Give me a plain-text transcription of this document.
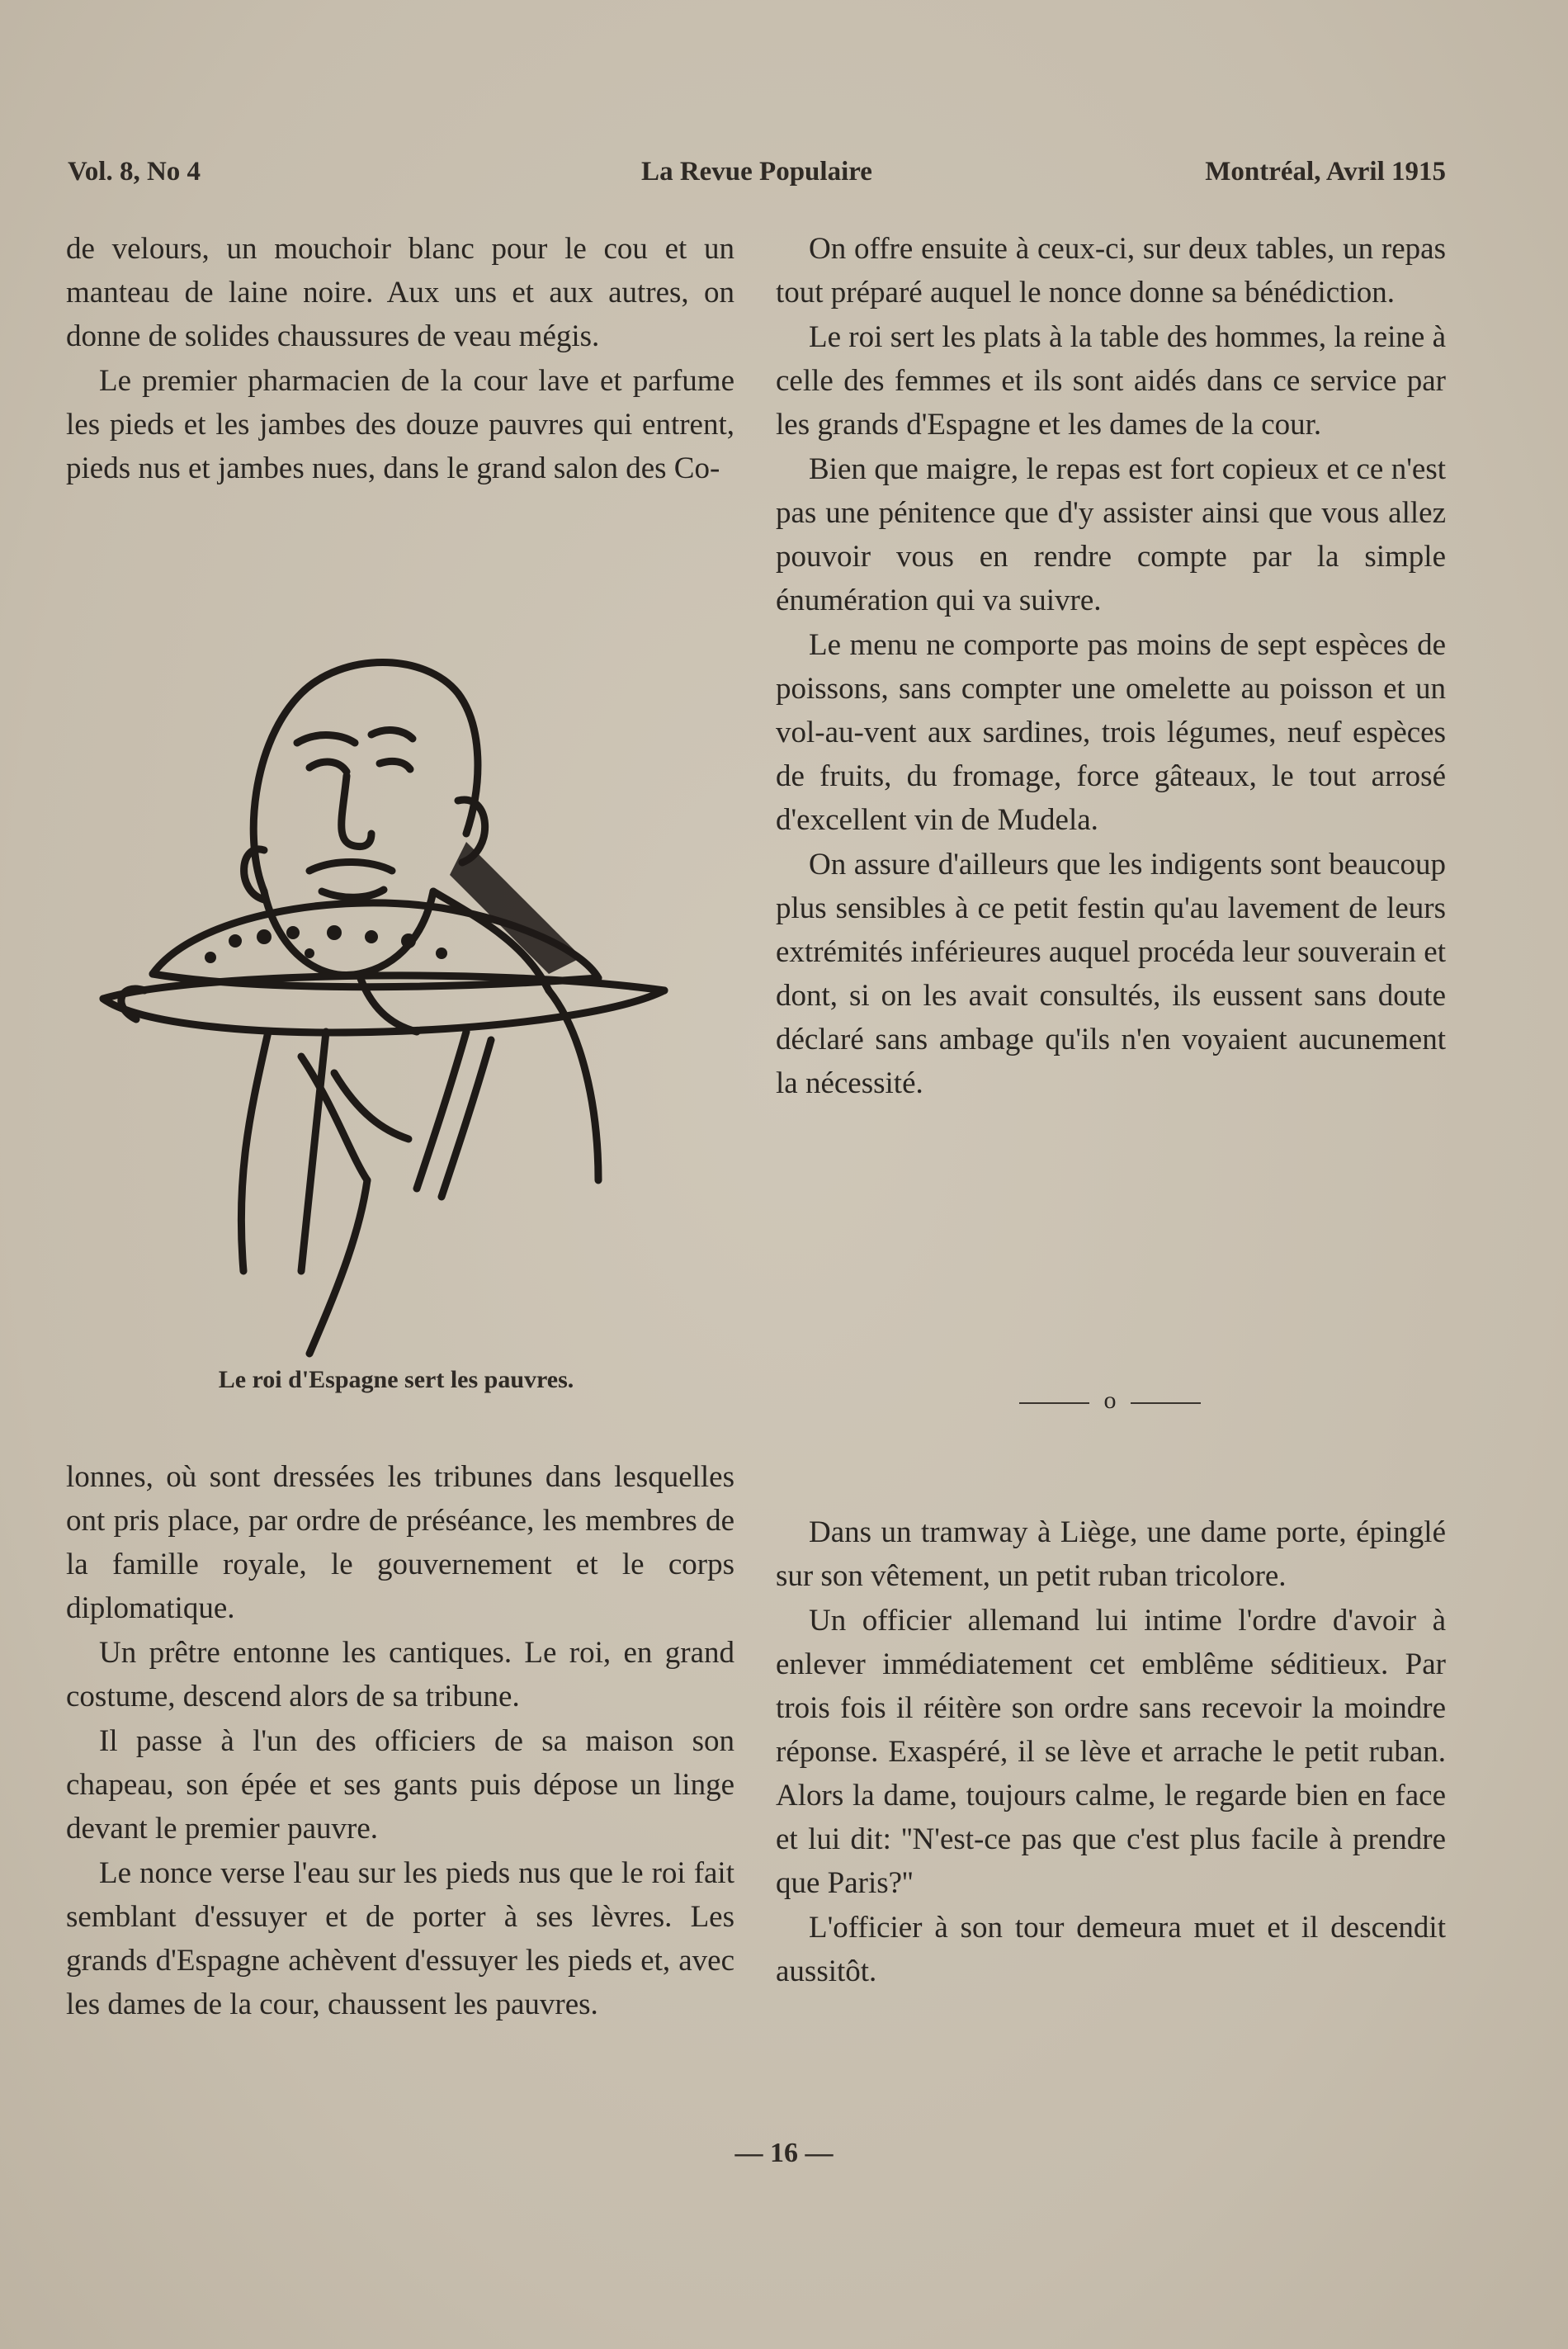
Vol. 8, No 4	La Revue Populaire	Montréal, Avril 1915

de velours, un mouchoir blanc pour le cou et un manteau de laine noire. Aux uns et aux autres, on donne de solides chaussures de veau mégis.

Le premier pharmacien de la cour lave et parfume les pieds et les jambes des douze pauvres qui entrent, pieds nus et jambes nues, dans le grand salon des Co-

Le roi d'Espagne sert les pauvres.

lonnes, où sont dressées les tribunes dans lesquelles ont pris place, par ordre de préséance, les membres de la famille royale, le gouvernement et le corps diplomatique.

Un prêtre entonne les cantiques. Le roi, en grand costume, descend alors de sa tribune.

Il passe à l'un des officiers de sa maison son chapeau, son épée et ses gants puis dépose un linge devant le premier pauvre.

Le nonce verse l'eau sur les pieds nus que le roi fait semblant d'essuyer et de porter à ses lèvres. Les grands d'Espagne achèvent d'essuyer les pieds et, avec les dames de la cour, chaussent les pauvres.

On offre ensuite à ceux-ci, sur deux tables, un repas tout préparé auquel le nonce donne sa bénédiction.

Le roi sert les plats à la table des hommes, la reine à celle des femmes et ils sont aidés dans ce service par les grands d'Espagne et les dames de la cour.

Bien que maigre, le repas est fort copieux et ce n'est pas une pénitence que d'y assister ainsi que vous allez pouvoir vous en rendre compte par la simple énumération qui va suivre.

Le menu ne comporte pas moins de sept espèces de poissons, sans compter une omelette au poisson et un vol-au-vent aux sardines, trois légumes, neuf espèces de fruits, du fromage, force gâteaux, le tout arrosé d'excellent vin de Mudela.

On assure d'ailleurs que les indigents sont beaucoup plus sensibles à ce petit festin qu'au lavement de leurs extrémités inférieures auquel procéda leur souverain et dont, si on les avait consultés, ils eussent sans doute déclaré sans ambage qu'ils n'en voyaient aucunement la nécessité.

o

Dans un tramway à Liège, une dame porte, épinglé sur son vêtement, un petit ruban tricolore.

Un officier allemand lui intime l'ordre d'avoir à enlever immédiatement cet emblême séditieux. Par trois fois il réitère son ordre sans recevoir la moindre réponse. Exaspéré, il se lève et arrache le petit ruban. Alors la dame, toujours calme, le regarde bien en face et lui dit: ''N'est-ce pas que c'est plus facile à prendre que Paris?''

L'officier à son tour demeura muet et il descendit aussitôt.

— 16 —
